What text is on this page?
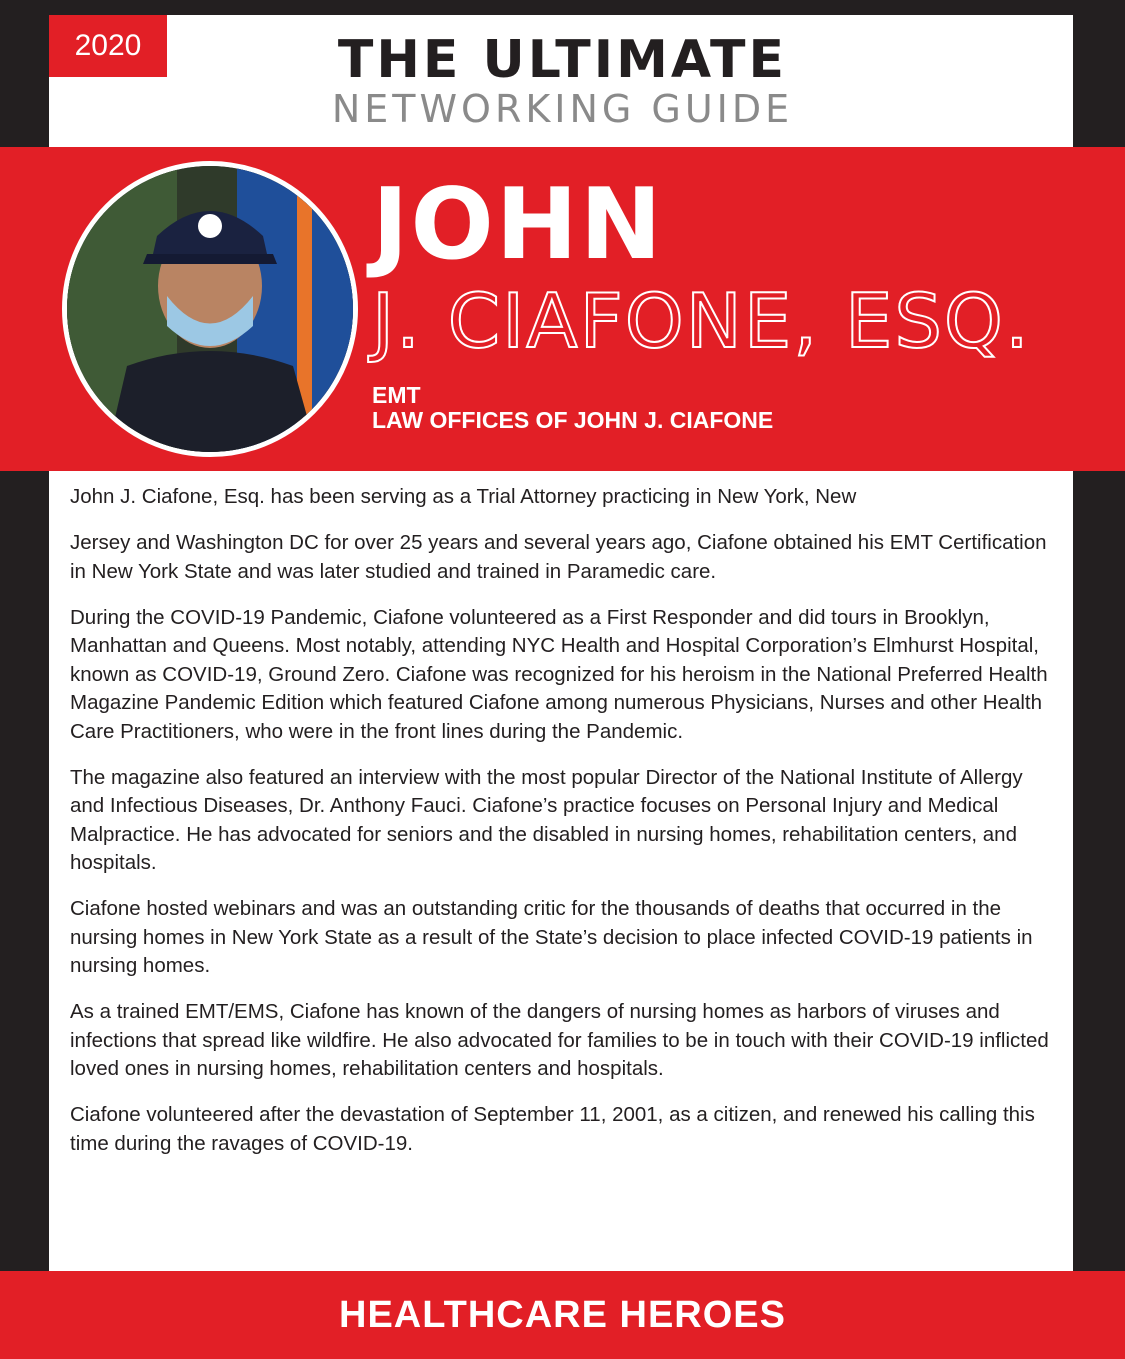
2020	THE ULTIMATE
NETWORKING GUIDE
JOHN
J. CIAFONE, ESQ.
EMT
LAW OFFICES OF JOHN J. CIAFONE

John J. Ciafone, Esq. has been serving as a Trial Attorney practicing in New York, New

Jersey and Washington DC for over 25 years and several years ago, Ciafone obtained his EMT Certification in New York State and was later studied and trained in Paramedic care.

During the COVID-19 Pandemic, Ciafone volunteered as a First Responder and did tours in Brooklyn, Manhattan and Queens. Most notably, attending NYC Health and Hospital Corporation’s Elmhurst Hospital, known as COVID-19, Ground Zero. Ciafone was recognized for his heroism in the National Preferred Health Magazine Pandemic Edition which featured Ciafone among numerous Physicians, Nurses and other Health Care Practitioners, who were in the front lines during the Pandemic.

The magazine also featured an interview with the most popular Director of the National Institute of Allergy and Infectious Diseases, Dr. Anthony Fauci. Ciafone’s practice focuses on Personal Injury and Medical Malpractice. He has advocated for seniors and the disabled in nursing homes, rehabilitation centers, and hospitals.

Ciafone hosted webinars and was an outstanding critic for the thousands of deaths that occurred in the nursing homes in New York State as a result of the State’s decision to place infected COVID-19 patients in nursing homes.

As a trained EMT/EMS, Ciafone has known of the dangers of nursing homes as harbors of viruses and infections that spread like wildfire. He also advocated for families to be in touch with their COVID-19 inflicted loved ones in nursing homes, rehabilitation centers and hospitals.

Ciafone volunteered after the devastation of September 11, 2001, as a citizen, and renewed his calling this time during the ravages of COVID-19.

HEALTHCARE HEROES
